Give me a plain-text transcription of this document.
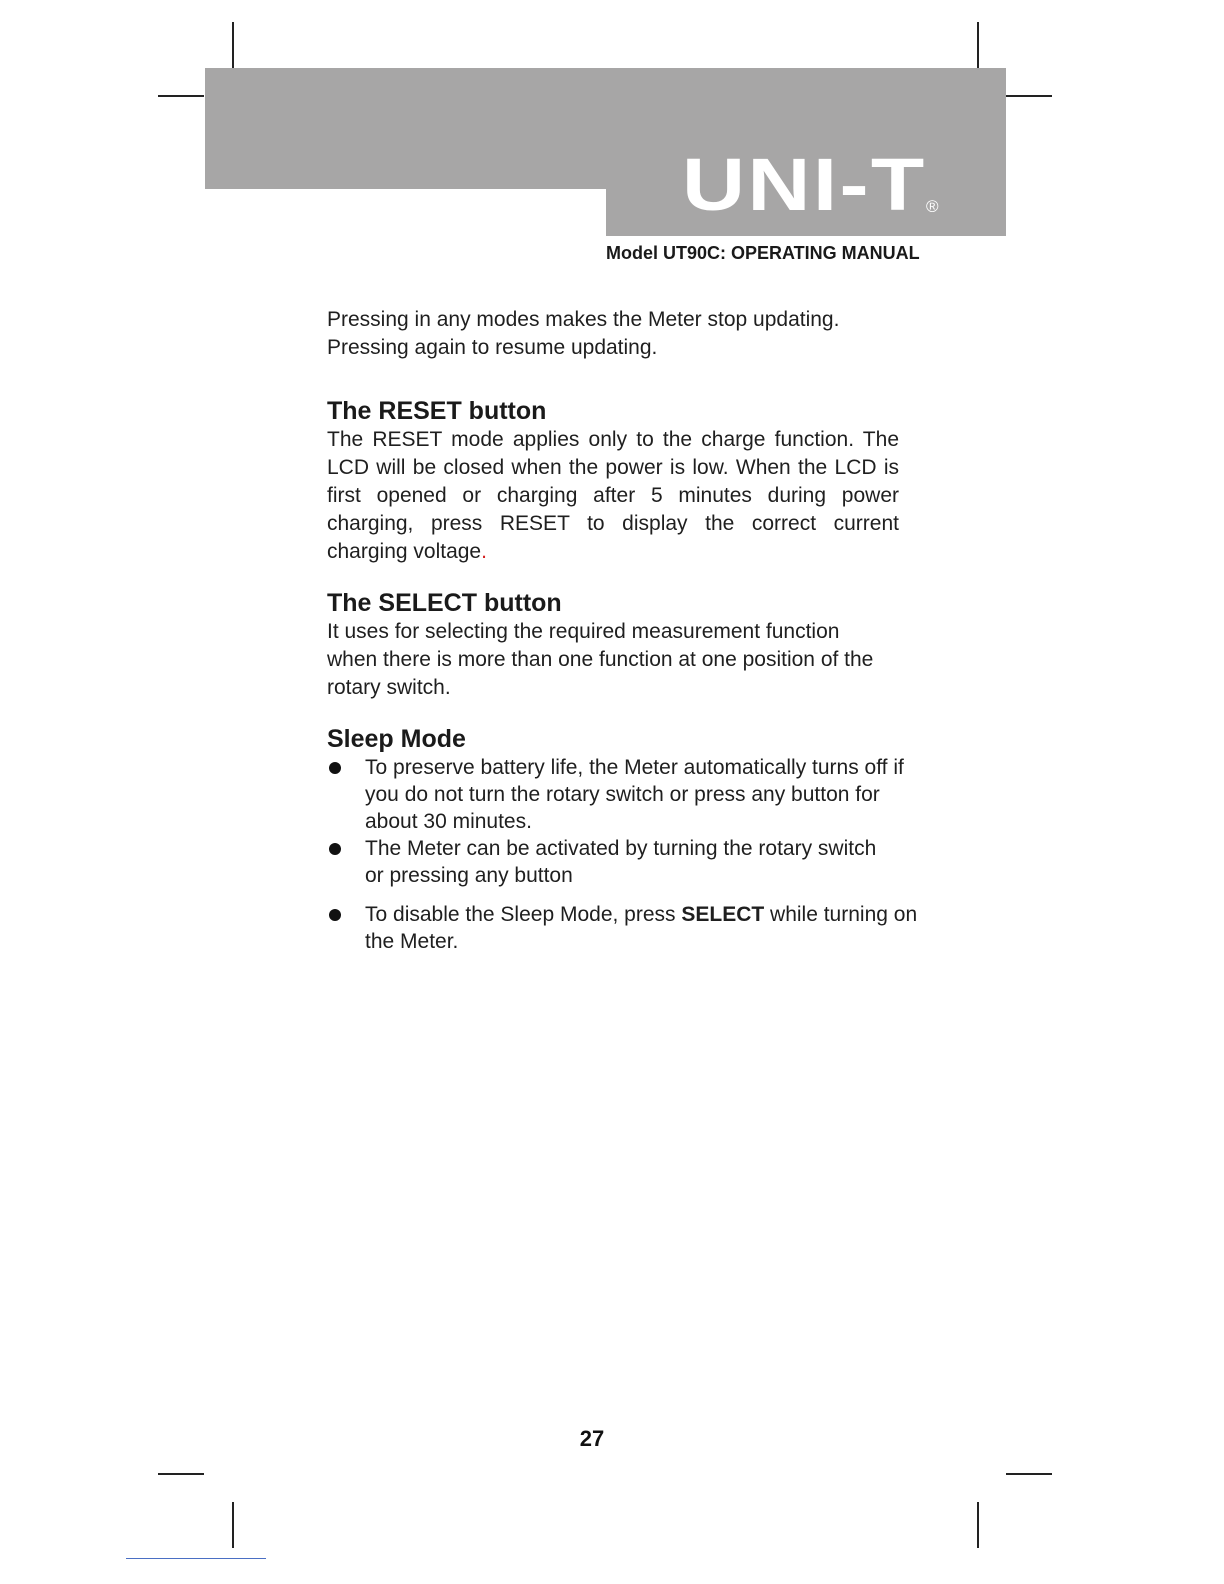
UNI-T ®
Model UT90C: OPERATING MANUAL

Pressing in any modes makes the Meter stop updating.

Pressing again to resume updating.

The RESET button

The RESET mode applies only to the charge function. The LCD will be closed when the power is low. When the LCD is first opened or charging after 5 minutes during power charging, press RESET to display the correct current charging voltage.

The SELECT button

It uses for selecting the required measurement function when there is more than one function at one position of the rotary switch.

Sleep Mode
To preserve battery life, the Meter automatically turns off if you do not turn the rotary switch or press any button for about 30 minutes.
The Meter can be activated by turning the rotary switch or pressing any button
To disable the Sleep Mode, press SELECT while turning on the Meter.
27
